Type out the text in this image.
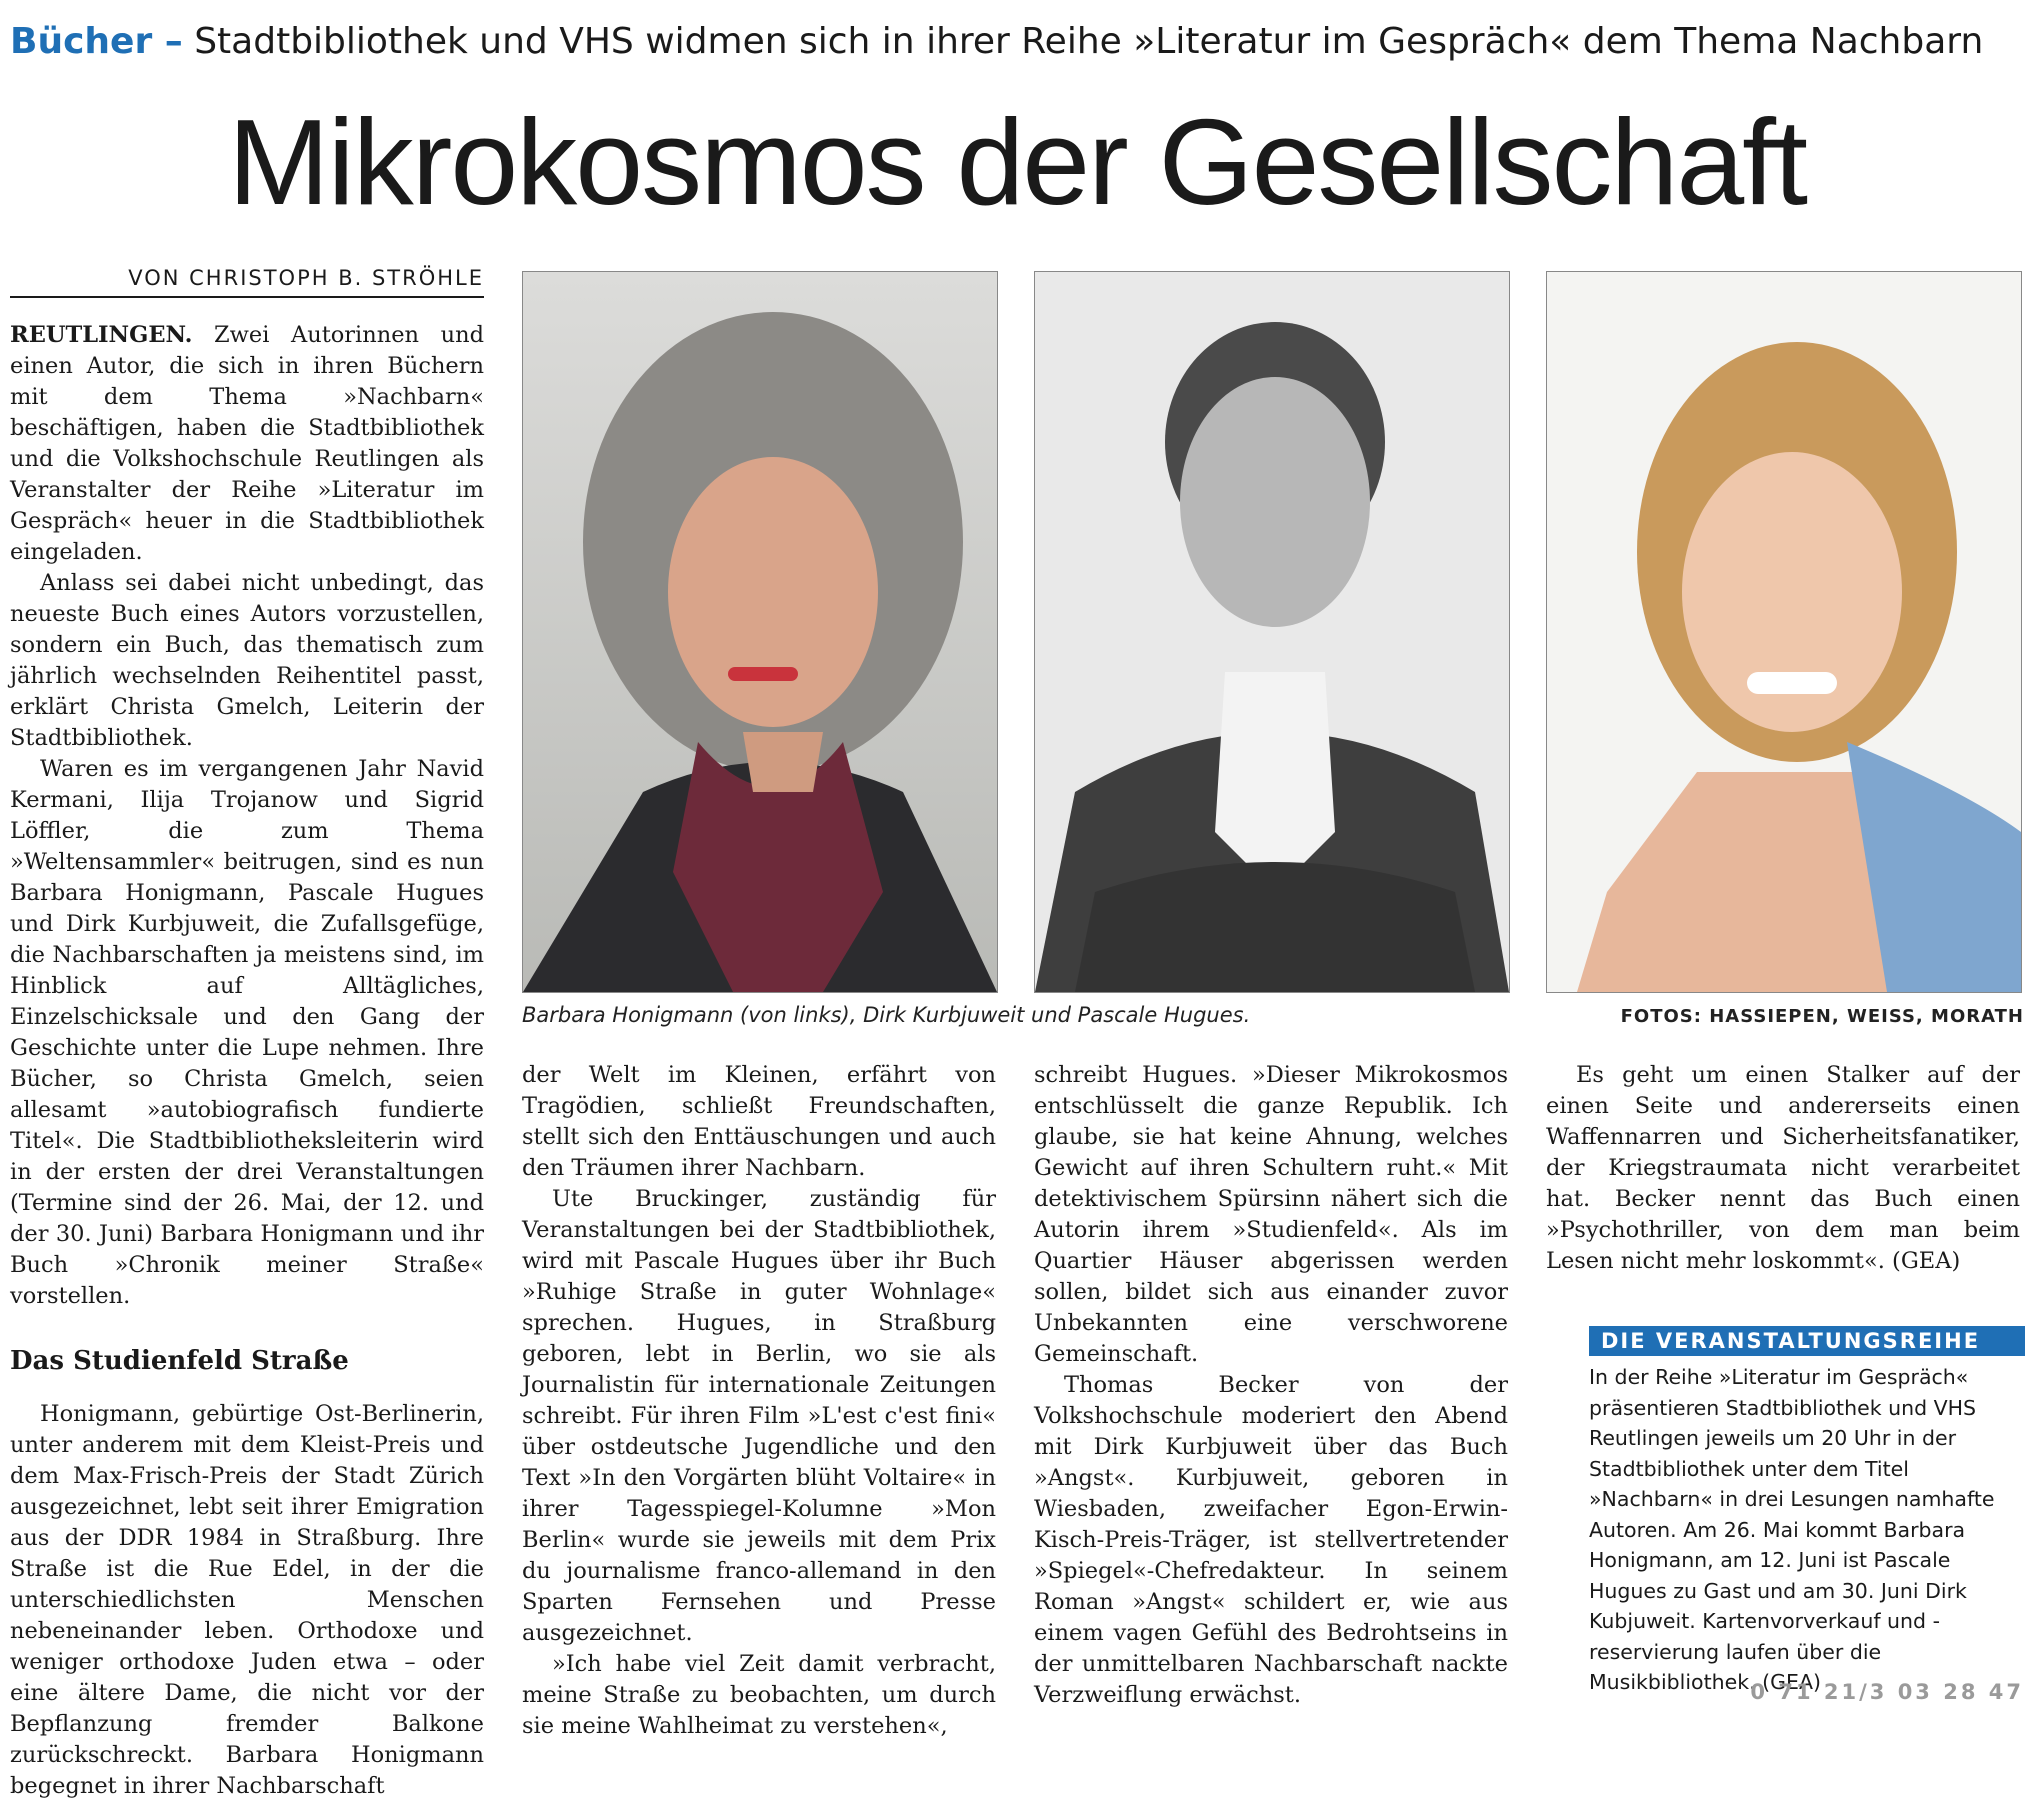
Bücher – Stadtbibliothek und VHS widmen sich in ihrer Reihe »Literatur im Gespräch« dem Thema Nachbarn
Mikrokosmos der Gesellschaft
VON CHRISTOPH B. STRÖHLE

REUTLINGEN. Zwei Autorinnen und einen Autor, die sich in ihren Büchern mit dem Thema »Nachbarn« beschäftigen, haben die Stadtbibliothek und die Volkshochschule Reutlingen als Veranstalter der Reihe »Literatur im Gespräch« heuer in die Stadtbibliothek eingeladen.

Anlass sei dabei nicht unbedingt, das neueste Buch eines Autors vorzustellen, sondern ein Buch, das thematisch zum jährlich wechselnden Reihentitel passt, erklärt Christa Gmelch, Leiterin der Stadtbibliothek.

Waren es im vergangenen Jahr Navid Kermani, Ilija Trojanow und Sigrid Löffler, die zum Thema »Weltensammler« beitrugen, sind es nun Barbara Honigmann, Pascale Hugues und Dirk Kurbjuweit, die Zufallsgefüge, die Nachbarschaften ja meistens sind, im Hinblick auf Alltägliches, Einzelschicksale und den Gang der Geschichte unter die Lupe nehmen. Ihre Bücher, so Christa Gmelch, seien allesamt »autobiografisch fundierte Titel«. Die Stadtbibliotheksleiterin wird in der ersten der drei Veranstaltungen (Termine sind der 26. Mai, der 12. und der 30. Juni) Barbara Honigmann und ihr Buch »Chronik meiner Straße« vorstellen.

Das Studienfeld Straße

Honigmann, gebürtige Ost-Berlinerin, unter anderem mit dem Kleist-Preis und dem Max-Frisch-Preis der Stadt Zürich ausgezeichnet, lebt seit ihrer Emigration aus der DDR 1984 in Straßburg. Ihre Straße ist die Rue Edel, in der die unterschiedlichsten Menschen nebeneinander leben. Orthodoxe und weniger orthodoxe Juden etwa – oder eine ältere Dame, die nicht vor der Bepflanzung fremder Balkone zurückschreckt. Barbara Honigmann begegnet in ihrer Nachbarschaft

Barbara Honigmann (von links), Dirk Kurbjuweit und Pascale Hugues.	FOTOS: HASSIEPEN, WEISS, MORATH

der Welt im Kleinen, erfährt von Tragödien, schließt Freundschaften, stellt sich den Enttäuschungen und auch den Träumen ihrer Nachbarn.

Ute Bruckinger, zuständig für Veranstaltungen bei der Stadtbibliothek, wird mit Pascale Hugues über ihr Buch »Ruhige Straße in guter Wohnlage« sprechen. Hugues, in Straßburg geboren, lebt in Berlin, wo sie als Journalistin für internationale Zeitungen schreibt. Für ihren Film »L'est c'est fini« über ostdeutsche Jugendliche und den Text »In den Vorgärten blüht Voltaire« in ihrer Tagesspiegel-Kolumne »Mon Berlin« wurde sie jeweils mit dem Prix du journalisme franco-allemand in den Sparten Fernsehen und Presse ausgezeichnet.

»Ich habe viel Zeit damit verbracht, meine Straße zu beobachten, um durch sie meine Wahlheimat zu verstehen«,

schreibt Hugues. »Dieser Mikrokosmos entschlüsselt die ganze Republik. Ich glaube, sie hat keine Ahnung, welches Gewicht auf ihren Schultern ruht.« Mit detektivischem Spürsinn nähert sich die Autorin ihrem »Studienfeld«. Als im Quartier Häuser abgerissen werden sollen, bildet sich aus einander zuvor Unbekannten eine verschworene Gemeinschaft.

Thomas Becker von der Volkshochschule moderiert den Abend mit Dirk Kurbjuweit über das Buch »Angst«. Kurbjuweit, geboren in Wiesbaden, zweifacher Egon-Erwin-Kisch-Preis-Träger, ist stellvertretender »Spiegel«-Chefredakteur. In seinem Roman »Angst« schildert er, wie aus einem vagen Gefühl des Bedrohtseins in der unmittelbaren Nachbarschaft nackte Verzweiflung erwächst.

Es geht um einen Stalker auf der einen Seite und andererseits einen Waffennarren und Sicherheitsfanatiker, der Kriegstraumata nicht verarbeitet hat. Becker nennt das Buch einen »Psychothriller, von dem man beim Lesen nicht mehr loskommt«. (GEA)

DIE VERANSTALTUNGSREIHE
In der Reihe »Literatur im Gespräch« präsentieren Stadtbibliothek und VHS Reutlingen jeweils um 20 Uhr in der Stadtbibliothek unter dem Titel »Nachbarn« in drei Lesungen namhafte Autoren. Am 26. Mai kommt Barbara Honigmann, am 12. Juni ist Pascale Hugues zu Gast und am 30. Juni Dirk Kubjuweit. Kartenvorverkauf und -reservierung laufen über die Musikbibliothek. (GEA)
0 71 21/3 03 28 47
